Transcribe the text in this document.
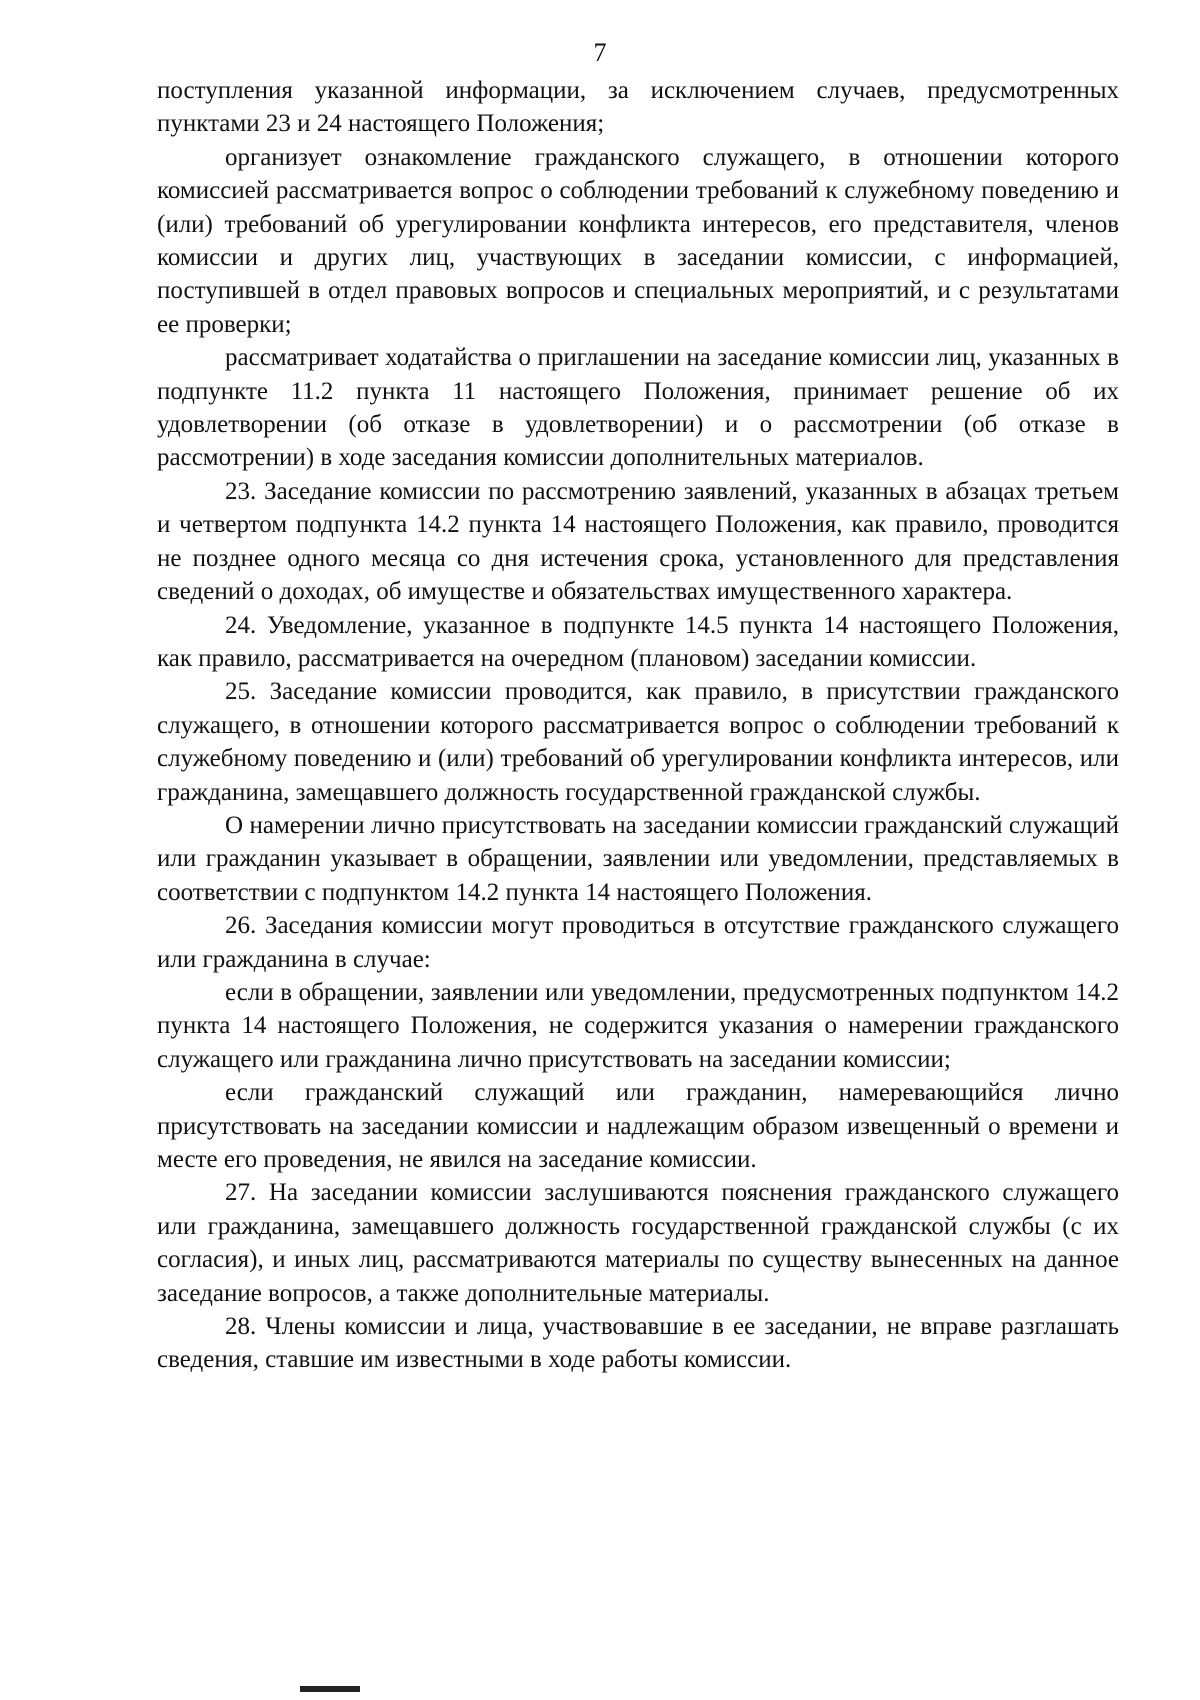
7

поступления указанной информации, за исключением случаев, предусмотренных пунктами 23 и 24 настоящего Положения;

организует ознакомление гражданского служащего, в отношении которого комиссией рассматривается вопрос о соблюдении требований к служебному поведению и (или) требований об урегулировании конфликта интересов, его представителя, членов комиссии и других лиц, участвующих в заседании комиссии, с информацией, поступившей в отдел правовых вопросов и специальных мероприятий, и с результатами ее проверки;

рассматривает ходатайства о приглашении на заседание комиссии лиц, указанных в подпункте 11.2 пункта 11 настоящего Положения, принимает решение об их удовлетворении (об отказе в удовлетворении) и о рассмотрении (об отказе в рассмотрении) в ходе заседания комиссии дополнительных материалов.

23. Заседание комиссии по рассмотрению заявлений, указанных в абзацах третьем и четвертом подпункта 14.2 пункта 14 настоящего Положения, как правило, проводится не позднее одного месяца со дня истечения срока, установленного для представления сведений о доходах, об имуществе и обязательствах имущественного характера.

24. Уведомление, указанное в подпункте 14.5 пункта 14 настоящего Положения, как правило, рассматривается на очередном (плановом) заседании комиссии.

25. Заседание комиссии проводится, как правило, в присутствии гражданского служащего, в отношении которого рассматривается вопрос о соблюдении требований к служебному поведению и (или) требований об урегулировании конфликта интересов, или гражданина, замещавшего должность государственной гражданской службы.

О намерении лично присутствовать на заседании комиссии гражданский служащий или гражданин указывает в обращении, заявлении или уведомлении, представляемых в соответствии с подпунктом 14.2 пункта 14 настоящего Положения.

26. Заседания комиссии могут проводиться в отсутствие гражданского служащего или гражданина в случае:

если в обращении, заявлении или уведомлении, предусмотренных подпунктом 14.2 пункта 14 настоящего Положения, не содержится указания о намерении гражданского служащего или гражданина лично присутствовать на заседании комиссии;

если гражданский служащий или гражданин, намеревающийся лично присутствовать на заседании комиссии и надлежащим образом извещенный о времени и месте его проведения, не явился на заседание комиссии.

27. На заседании комиссии заслушиваются пояснения гражданского служащего или гражданина, замещавшего должность государственной гражданской службы (с их согласия), и иных лиц, рассматриваются материалы по существу вынесенных на данное заседание вопросов, а также дополнительные материалы.

28. Члены комиссии и лица, участвовавшие в ее заседании, не вправе разглашать сведения, ставшие им известными в ходе работы комиссии.
